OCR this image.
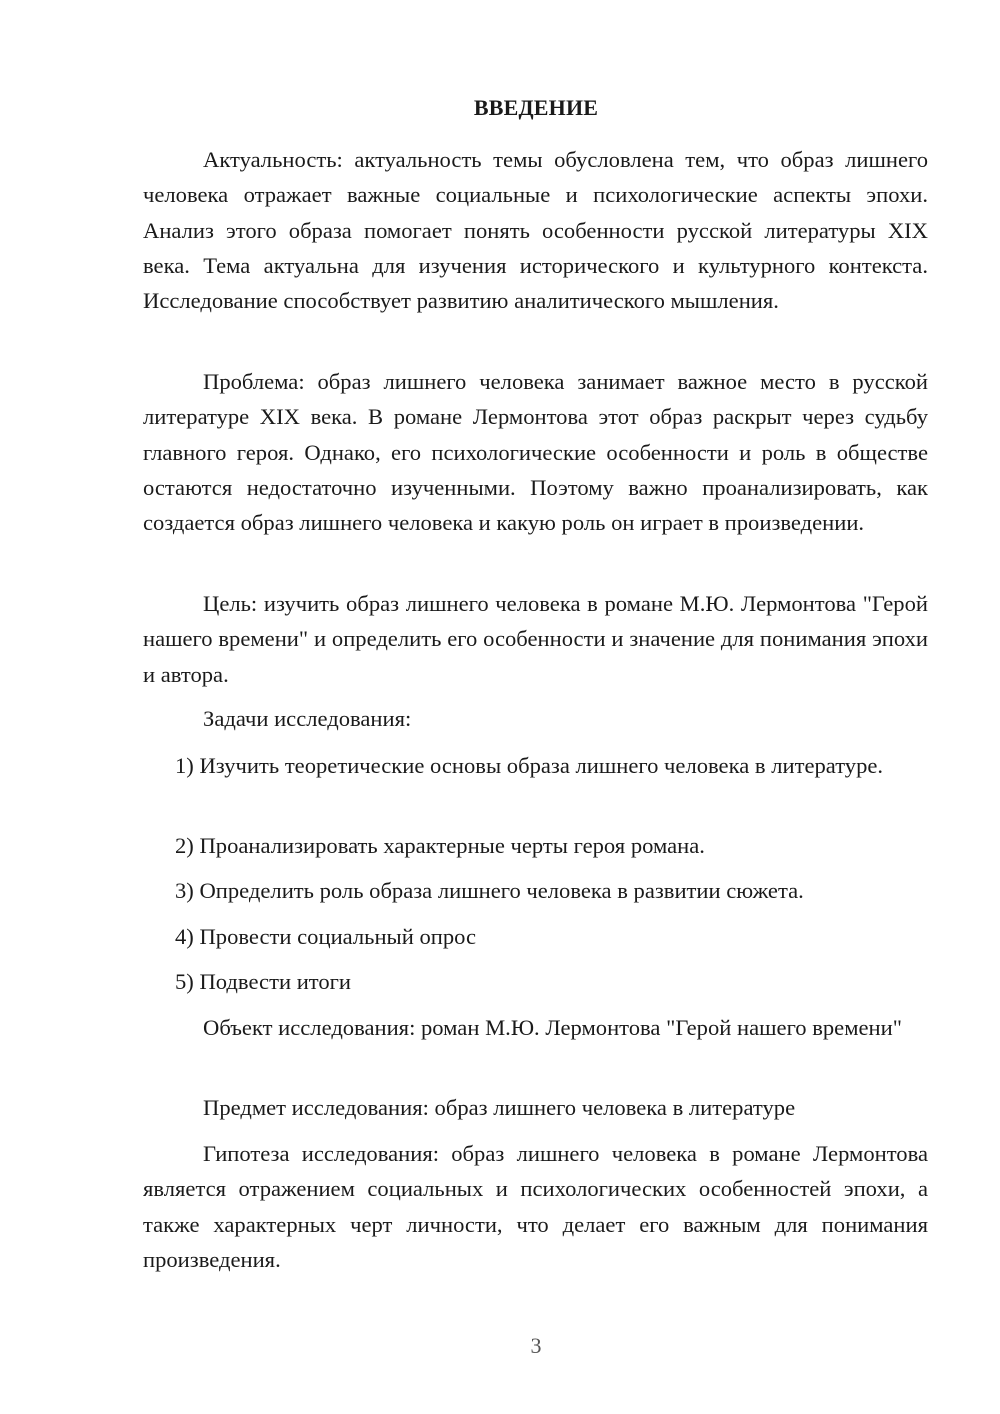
ВВЕДЕНИЕ

Актуальность: актуальность темы обусловлена тем, что образ лишнего человека отражает важные социальные и психологические аспекты эпохи. Анализ этого образа помогает понять особенности русской литературы XIX века. Тема актуальна для изучения исторического и культурного контекста. Исследование способствует развитию аналитического мышления.

Проблема: образ лишнего человека занимает важное место в русской литературе XIX века. В романе Лермонтова этот образ раскрыт через судьбу главного героя. Однако, его психологические особенности и роль в обществе остаются недостаточно изученными. Поэтому важно проанализировать, как создается образ лишнего человека и какую роль он играет в произведении.

Цель: изучить образ лишнего человека в романе М.Ю. Лермонтова "Герой нашего времени" и определить его особенности и значение для понимания эпохи и автора.

Задачи исследования:

1) Изучить теоретические основы образа лишнего человека в литературе.

2) Проанализировать характерные черты героя романа.

3) Определить роль образа лишнего человека в развитии сюжета.

4) Провести социальный опрос

5) Подвести итоги

Объект исследования: роман М.Ю. Лермонтова "Герой нашего времени"

Предмет исследования: образ лишнего человека в литературе

Гипотеза исследования: образ лишнего человека в романе Лермонтова является отражением социальных и психологических особенностей эпохи, а также характерных черт личности, что делает его важным для понимания произведения.

3
